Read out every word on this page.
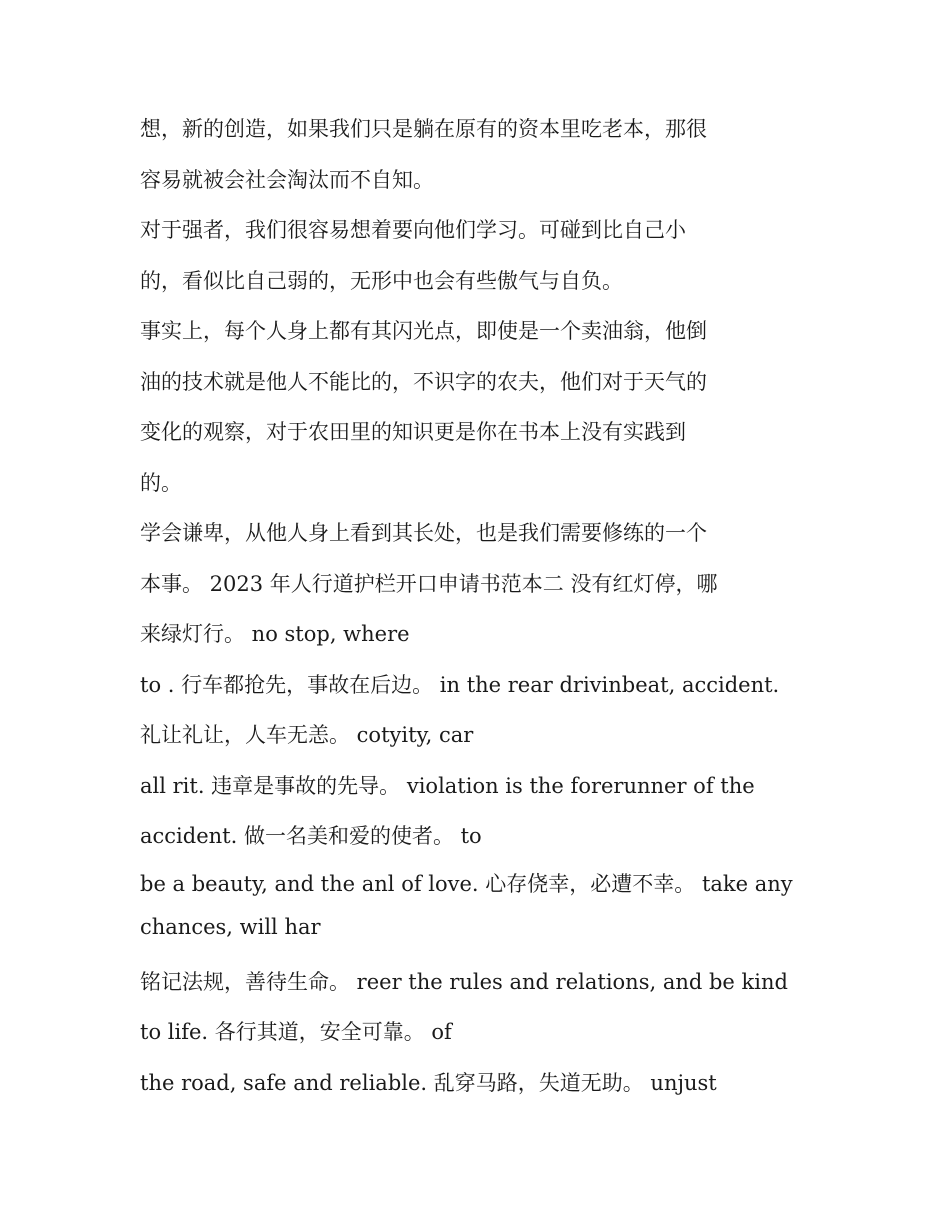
想，新的创造，如果我们只是躺在原有的资本里吃老本，那很
容易就被会社会淘汰而不自知。
对于强者，我们很容易想着要向他们学习。可碰到比自己小
的，看似比自己弱的，无形中也会有些傲气与自负。
事实上，每个人身上都有其闪光点，即使是一个卖油翁，他倒
油的技术就是他人不能比的，不识字的农夫，他们对于天气的
变化的观察，对于农田里的知识更是你在书本上没有实践到
的。
学会谦卑，从他人身上看到其长处，也是我们需要修练的一个
本事。 2023 年人行道护栏开口申请书范本二 没有红灯停，哪
来绿灯行。 no stop, where
to . 行车都抢先，事故在后边。 in the rear drivinbeat, accident.
礼让礼让，人车无恙。 cotyity, car
all rit. 违章是事故的先导。 violation is the forerunner of the
accident. 做一名美和爱的使者。 to
be a beauty, and the anl of love. 心存侥幸，必遭不幸。 take any
chances, will har
铭记法规，善待生命。 reer the rules and relations, and be kind
to life. 各行其道，安全可靠。 of
the road, safe and reliable. 乱穿马路，失道无助。 unjust
